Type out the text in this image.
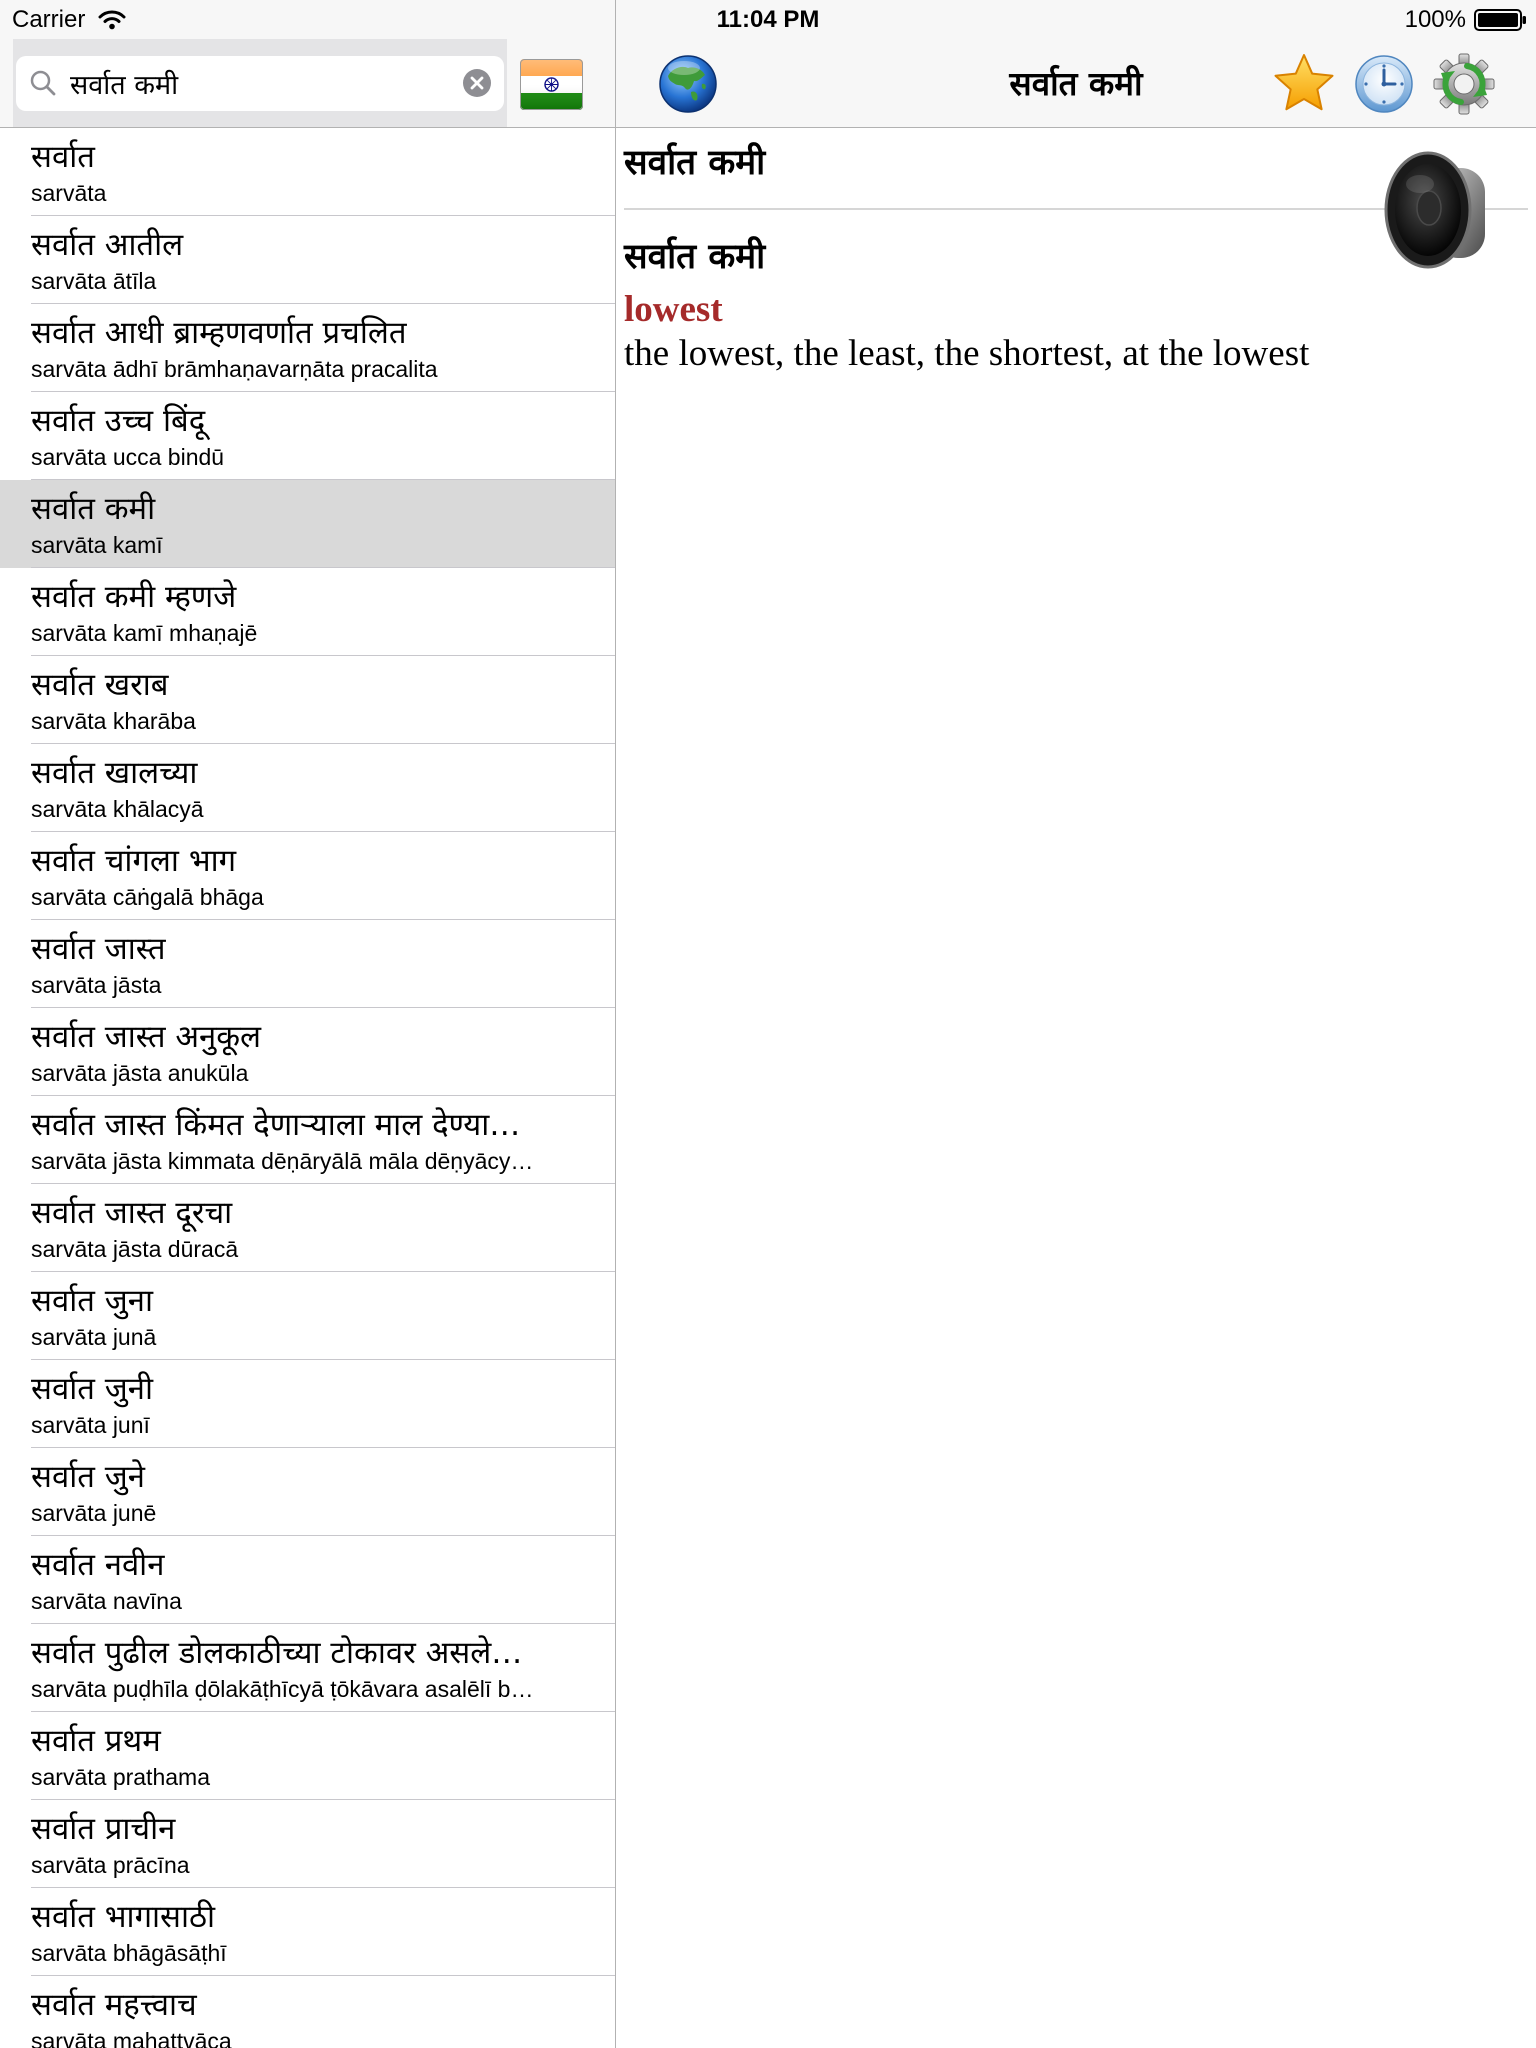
Carrier	11:04 PM	100%
सर्वात कमी
सर्वात
sarvāta
सर्वात आतील
sarvāta ātīla
सर्वात आधी ब्राम्हणवर्णात प्रचलित
sarvāta ādhī brāmhaṇavarṇāta pracalita
सर्वात उच्च बिंदू
sarvāta ucca bindū
सर्वात कमी
sarvāta kamī
सर्वात कमी म्हणजे
sarvāta kamī mhaṇajē
सर्वात खराब
sarvāta kharāba
सर्वात खालच्या
sarvāta khālacyā
सर्वात चांगला भाग
sarvāta cāṅgalā bhāga
सर्वात जास्त
sarvāta jāsta
सर्वात जास्त अनुकूल
sarvāta jāsta anukūla
सर्वात जास्त किंमत देणाऱ्याला माल देण्या…
sarvāta jāsta kimmata dēṇāryālā māla dēṇyācy…
सर्वात जास्त दूरचा
sarvāta jāsta dūracā
सर्वात जुना
sarvāta junā
सर्वात जुनी
sarvāta junī
सर्वात जुने
sarvāta junē
सर्वात नवीन
sarvāta navīna
सर्वात पुढील डोलकाठीच्या टोकावर असले…
sarvāta puḍhīla ḍōlakāṭhīcyā ṭōkāvara asalēlī b…
सर्वात प्रथम
sarvāta prathama
सर्वात प्राचीन
sarvāta prācīna
सर्वात भागासाठी
sarvāta bhāgāsāṭhī
सर्वात महत्त्वाच
sarvāta mahattvāca
सर्वात कमी
सर्वात कमी
सर्वात कमी
lowest
the lowest, the least, the shortest, at the lowest
